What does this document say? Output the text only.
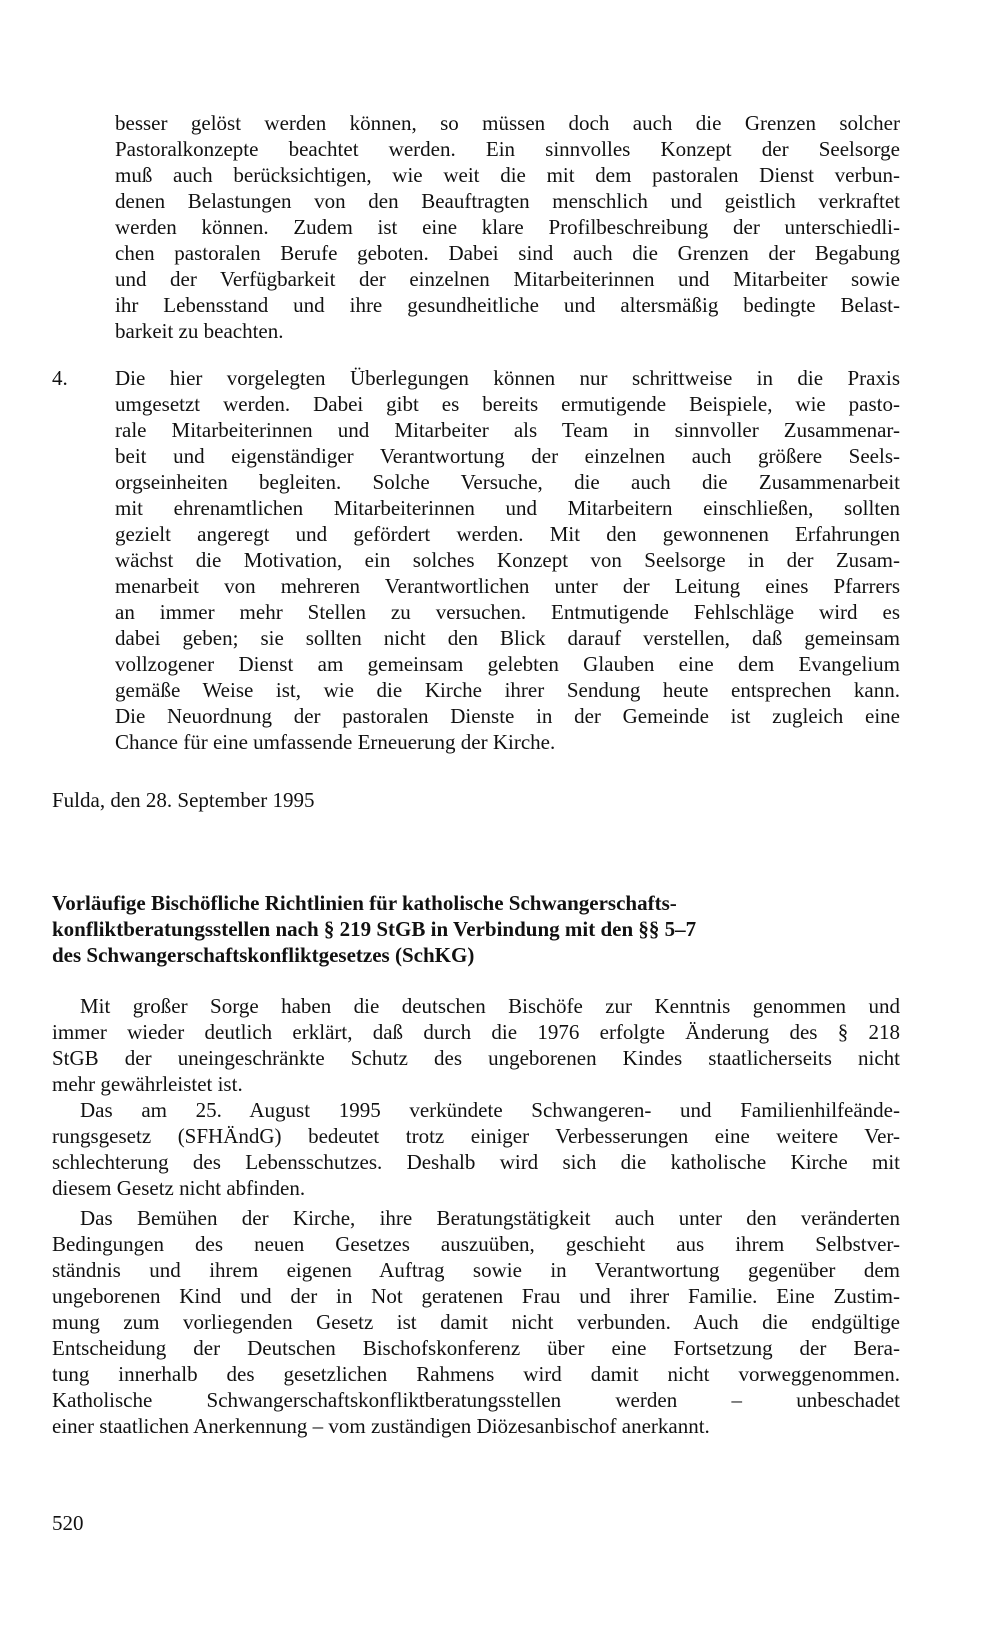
besser gelöst werden können, so müssen doch auch die Grenzen solcher
Pastoralkonzepte beachtet werden. Ein sinnvolles Konzept der Seelsorge
muß auch berücksichtigen, wie weit die mit dem pastoralen Dienst verbun-
denen Belastungen von den Beauftragten menschlich und geistlich verkraftet
werden können. Zudem ist eine klare Profilbeschreibung der unterschiedli-
chen pastoralen Berufe geboten. Dabei sind auch die Grenzen der Begabung
und der Verfügbarkeit der einzelnen Mitarbeiterinnen und Mitarbeiter sowie
ihr Lebensstand und ihre gesundheitliche und altersmäßig bedingte Belast-
barkeit zu beachten.
4. Die hier vorgelegten Überlegungen können nur schrittweise in die Praxis
umgesetzt werden. Dabei gibt es bereits ermutigende Beispiele, wie pasto-
rale Mitarbeiterinnen und Mitarbeiter als Team in sinnvoller Zusammenar-
beit und eigenständiger Verantwortung der einzelnen auch größere Seels-
orgseinheiten begleiten. Solche Versuche, die auch die Zusammenarbeit
mit ehrenamtlichen Mitarbeiterinnen und Mitarbeitern einschließen, sollten
gezielt angeregt und gefördert werden. Mit den gewonnenen Erfahrungen
wächst die Motivation, ein solches Konzept von Seelsorge in der Zusam-
menarbeit von mehreren Verantwortlichen unter der Leitung eines Pfarrers
an immer mehr Stellen zu versuchen. Entmutigende Fehlschläge wird es
dabei geben; sie sollten nicht den Blick darauf verstellen, daß gemeinsam
vollzogener Dienst am gemeinsam gelebten Glauben eine dem Evangelium
gemäße Weise ist, wie die Kirche ihrer Sendung heute entsprechen kann.
Die Neuordnung der pastoralen Dienste in der Gemeinde ist zugleich eine
Chance für eine umfassende Erneuerung der Kirche.
Fulda, den 28. September 1995
Vorläufige Bischöfliche Richtlinien für katholische Schwangerschafts-
konfliktberatungsstellen nach § 219 StGB in Verbindung mit den §§ 5–7
des Schwangerschaftskonfliktgesetzes (SchKG)
Mit großer Sorge haben die deutschen Bischöfe zur Kenntnis genommen und
immer wieder deutlich erklärt, daß durch die 1976 erfolgte Änderung des § 218
StGB der uneingeschränkte Schutz des ungeborenen Kindes staatlicherseits nicht
mehr gewährleistet ist.
Das am 25. August 1995 verkündete Schwangeren- und Familienhilfeände-
rungsgesetz (SFHÄndG) bedeutet trotz einiger Verbesserungen eine weitere Ver-
schlechterung des Lebensschutzes. Deshalb wird sich die katholische Kirche mit
diesem Gesetz nicht abfinden.
Das Bemühen der Kirche, ihre Beratungstätigkeit auch unter den veränderten
Bedingungen des neuen Gesetzes auszuüben, geschieht aus ihrem Selbstver-
ständnis und ihrem eigenen Auftrag sowie in Verantwortung gegenüber dem
ungeborenen Kind und der in Not geratenen Frau und ihrer Familie. Eine Zustim-
mung zum vorliegenden Gesetz ist damit nicht verbunden. Auch die endgültige
Entscheidung der Deutschen Bischofskonferenz über eine Fortsetzung der Bera-
tung innerhalb des gesetzlichen Rahmens wird damit nicht vorweggenommen.
Katholische Schwangerschaftskonfliktberatungsstellen werden – unbeschadet
einer staatlichen Anerkennung – vom zuständigen Diözesanbischof anerkannt.
520
